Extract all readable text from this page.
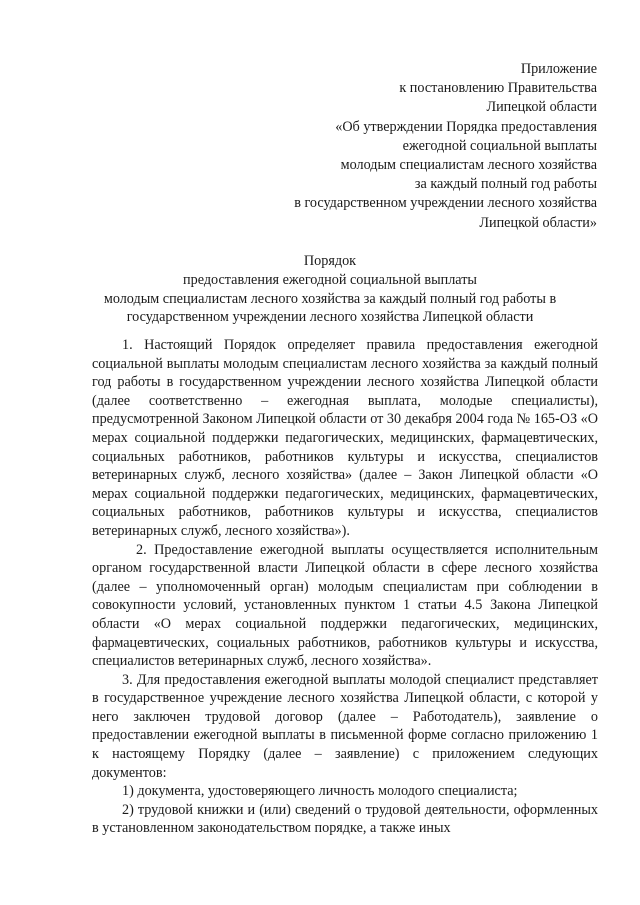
Приложение
к постановлению Правительства
Липецкой области
«Об утверждении Порядка предоставления
ежегодной социальной выплаты
молодым специалистам лесного хозяйства
за каждый полный год работы
в государственном учреждении лесного хозяйства
Липецкой области»
Порядок
предоставления ежегодной социальной выплаты
молодым специалистам лесного хозяйства за каждый полный год работы в
государственном учреждении лесного хозяйства Липецкой области

1. Настоящий Порядок определяет правила предоставления ежегодной социальной выплаты молодым специалистам лесного хозяйства за каждый полный год работы в государственном учреждении лесного хозяйства Липецкой области (далее соответственно – ежегодная выплата, молодые специалисты), предусмотренной Законом Липецкой области от 30 декабря 2004 года № 165-ОЗ «О мерах социальной поддержки педагогических, медицинских, фармацевтических, социальных работников, работников культуры и искусства, специалистов ветеринарных служб, лесного хозяйства» (далее – Закон Липецкой области «О мерах социальной поддержки педагогических, медицинских, фармацевтических, социальных работников, работников культуры и искусства, специалистов ветеринарных служб, лесного хозяйства»).

2. Предоставление ежегодной выплаты осуществляется исполнительным органом государственной власти Липецкой области в сфере лесного хозяйства (далее – уполномоченный орган) молодым специалистам при соблюдении в совокупности условий, установленных пунктом 1 статьи 4.5 Закона Липецкой области «О мерах социальной поддержки педагогических, медицинских, фармацевтических, социальных работников, работников культуры и искусства, специалистов ветеринарных служб, лесного хозяйства».

3. Для предоставления ежегодной выплаты молодой специалист представляет в государственное учреждение лесного хозяйства Липецкой области, с которой у него заключен трудовой договор (далее – Работодатель), заявление о предоставлении ежегодной выплаты в письменной форме согласно приложению 1 к настоящему Порядку (далее – заявление) с приложением следующих документов:

1) документа, удостоверяющего личность молодого специалиста;

2) трудовой книжки и (или) сведений о трудовой деятельности, оформленных в установленном законодательством порядке, а также иных
